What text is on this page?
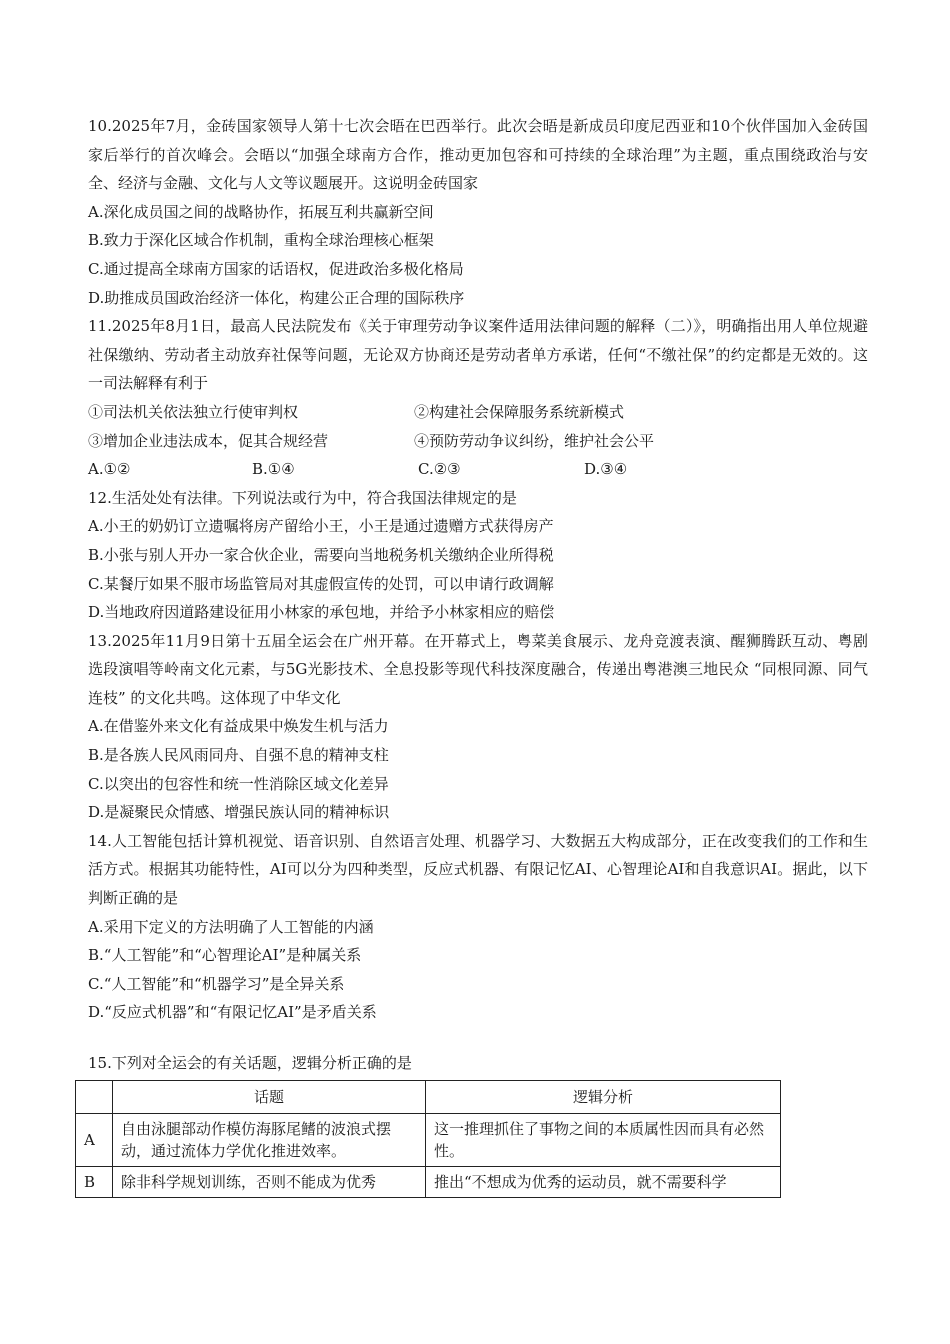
10.2025年7月，金砖国家领导人第十七次会晤在巴西举行。此次会晤是新成员印度尼西亚和10个伙伴国加入金砖国家后举行的首次峰会。会晤以“加强全球南方合作，推动更加包容和可持续的全球治理”为主题，重点围绕政治与安全、经济与金融、文化与人文等议题展开。这说明金砖国家
A.深化成员国之间的战略协作，拓展互利共赢新空间
B.致力于深化区域合作机制，重构全球治理核心框架
C.通过提高全球南方国家的话语权，促进政治多极化格局
D.助推成员国政治经济一体化，构建公正合理的国际秩序
11.2025年8月1日，最高人民法院发布《关于审理劳动争议案件适用法律问题的解释（二）》，明确指出用人单位规避社保缴纳、劳动者主动放弃社保等问题，无论双方协商还是劳动者单方承诺，任何“不缴社保”的约定都是无效的。这一司法解释有利于
①司法机关依法独立行使审判权	②构建社会保障服务系统新模式
③增加企业违法成本，促其合规经营	④预防劳动争议纠纷，维护社会公平
A.①②	B.①④	C.②③	D.③④
12.生活处处有法律。下列说法或行为中，符合我国法律规定的是
A.小王的奶奶订立遗嘱将房产留给小王，小王是通过遗赠方式获得房产
B.小张与别人开办一家合伙企业，需要向当地税务机关缴纳企业所得税
C.某餐厅如果不服市场监管局对其虚假宣传的处罚，可以申请行政调解
D.当地政府因道路建设征用小林家的承包地，并给予小林家相应的赔偿
13.2025年11月9日第十五届全运会在广州开幕。在开幕式上，粤菜美食展示、龙舟竞渡表演、醒狮腾跃互动、粤剧选段演唱等岭南文化元素，与5G光影技术、全息投影等现代科技深度融合，传递出粤港澳三地民众 “同根同源、同气连枝” 的文化共鸣。这体现了中华文化
A.在借鉴外来文化有益成果中焕发生机与活力
B.是各族人民风雨同舟、自强不息的精神支柱
C.以突出的包容性和统一性消除区域文化差异
D.是凝聚民众情感、增强民族认同的精神标识
14.人工智能包括计算机视觉、语音识别、自然语言处理、机器学习、大数据五大构成部分，正在改变我们的工作和生活方式。根据其功能特性，AI可以分为四种类型，反应式机器、有限记忆AI、心智理论AI和自我意识AI。据此，以下判断正确的是
A.采用下定义的方法明确了人工智能的内涵
B.“人工智能”和“心智理论AI”是种属关系
C.“人工智能”和“机器学习”是全异关系
D.“反应式机器”和“有限记忆AI”是矛盾关系
15.下列对全运会的有关话题，逻辑分析正确的是
	话题	逻辑分析
A	自由泳腿部动作模仿海豚尾鳍的波浪式摆动，通过流体力学优化推进效率。	这一推理抓住了事物之间的本质属性因而具有必然性。
B	除非科学规划训练，否则不能成为优秀	推出“不想成为优秀的运动员，就不需要科学
